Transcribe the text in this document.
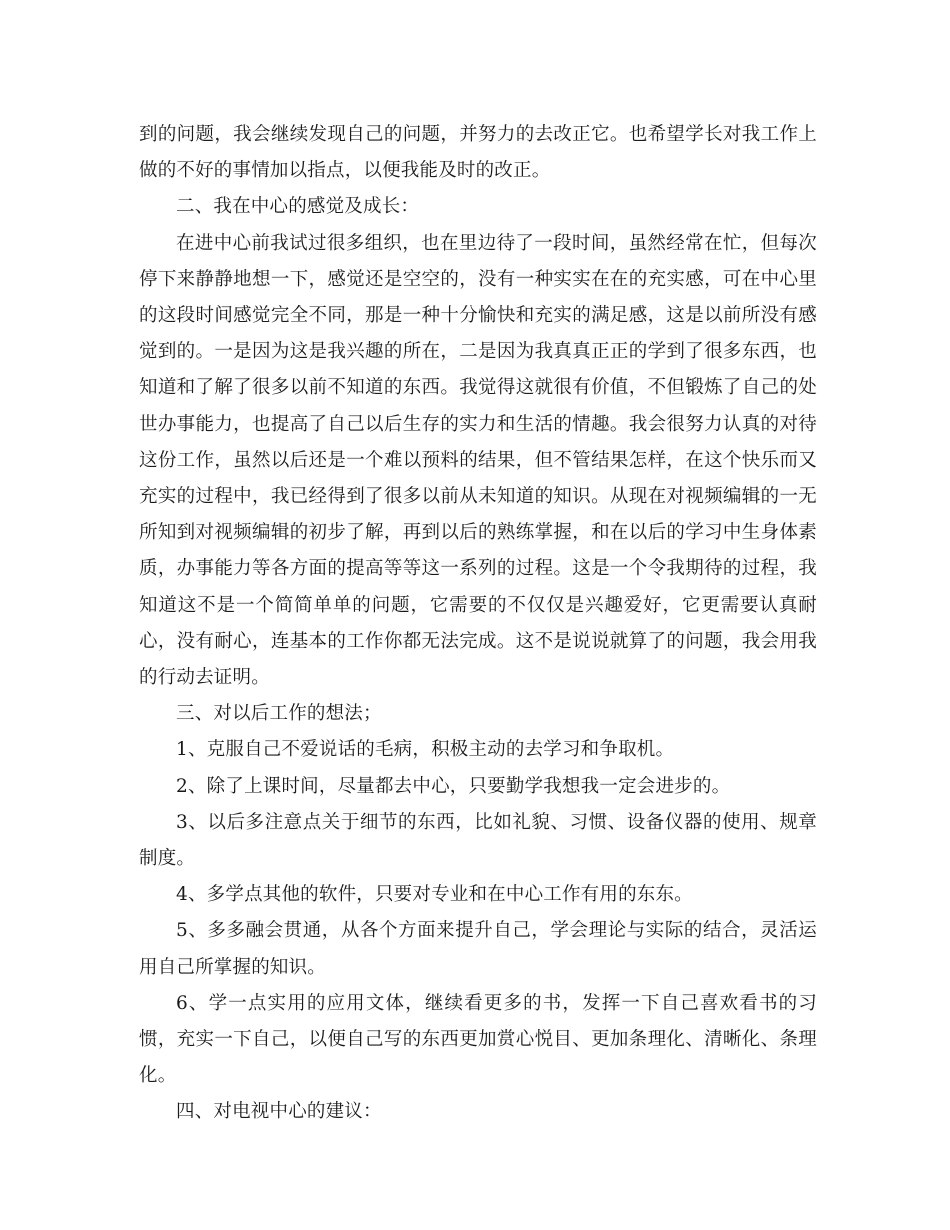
到的问题，我会继续发现自己的问题，并努力的去改正它。也希望学长对我工作上做的不好的事情加以指点，以便我能及时的改正。

二、我在中心的感觉及成长：

在进中心前我试过很多组织，也在里边待了一段时间，虽然经常在忙，但每次停下来静静地想一下，感觉还是空空的，没有一种实实在在的充实感，可在中心里的这段时间感觉完全不同，那是一种十分愉快和充实的满足感，这是以前所没有感觉到的。一是因为这是我兴趣的所在，二是因为我真真正正的学到了很多东西，也知道和了解了很多以前不知道的东西。我觉得这就很有价值，不但锻炼了自己的处世办事能力，也提高了自己以后生存的实力和生活的情趣。我会很努力认真的对待这份工作，虽然以后还是一个难以预料的结果，但不管结果怎样，在这个快乐而又充实的过程中，我已经得到了很多以前从未知道的知识。从现在对视频编辑的一无所知到对视频编辑的初步了解，再到以后的熟练掌握，和在以后的学习中生身体素质，办事能力等各方面的提高等等这一系列的过程。这是一个令我期待的过程，我知道这不是一个简简单单的问题，它需要的不仅仅是兴趣爱好，它更需要认真耐心，没有耐心，连基本的工作你都无法完成。这不是说说就算了的问题，我会用我的行动去证明。

三、对以后工作的想法；

1、克服自己不爱说话的毛病，积极主动的去学习和争取机。

2、除了上课时间，尽量都去中心，只要勤学我想我一定会进步的。

3、以后多注意点关于细节的东西，比如礼貌、习惯、设备仪器的使用、规章制度。

4、多学点其他的软件，只要对专业和在中心工作有用的东东。

5、多多融会贯通，从各个方面来提升自己，学会理论与实际的结合，灵活运用自己所掌握的知识。

6、学一点实用的应用文体，继续看更多的书，发挥一下自己喜欢看书的习惯，充实一下自己，以便自己写的东西更加赏心悦目、更加条理化、清晰化、条理化。

四、对电视中心的建议：
